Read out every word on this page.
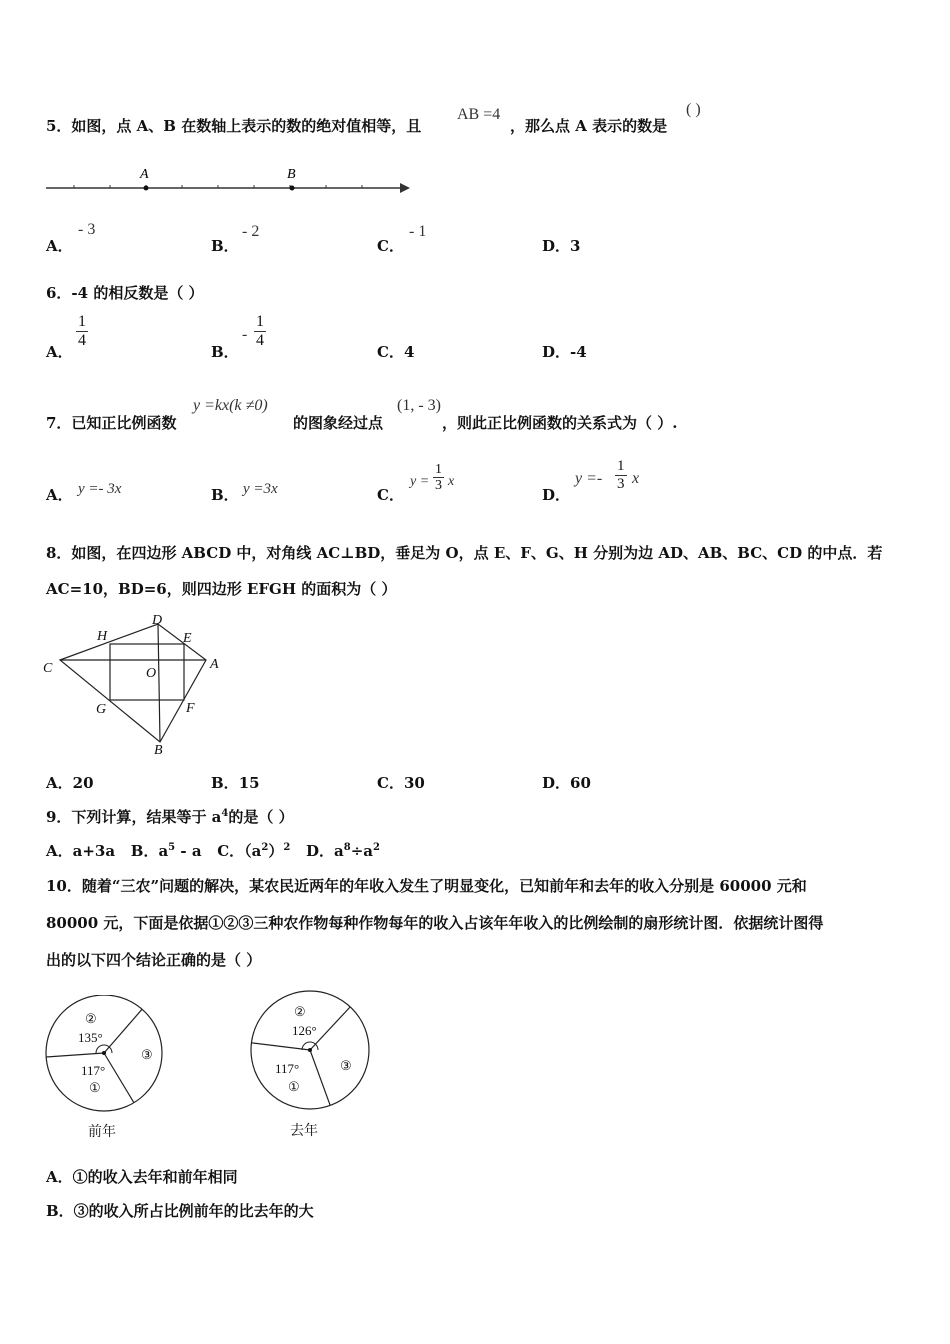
5．如图，点 A、B 在数轴上表示的数的绝对值相等，且
AB =4
，那么点 A 表示的数是
( )
A	B
A．
- 3
B．
- 2
C．
- 1
D．3
6．-4 的相反数是（ ）
A．
$\frac{1}{4}$
B．
- $\frac{1}{4}$
C．4	D．-4
7．已知正比例函数
y =kx(k ≠0)
的图象经过点
(1, - 3)
，则此正比例函数的关系式为（ ）.
A． y =- 3x	B． y =3x	C．
$y = \frac{1}{3}$ x
D．
$y =- \frac{1}{3}$ x
8．如图，在四边形 ABCD 中，对角线 AC⊥BD，垂足为 O，点 E、F、G、H 分别为边 AD、AB、BC、CD 的中点．若
AC=10，BD=6，则四边形 EFGH 的面积为（ ）
C
H
D
E
A
O
G	F
B
A．20	B．15	C．30	D．60
9．下列计算，结果等于 $a^4$的是（ ）
A．a+3a B．$a^5$ - a C．$(a^2)^2$ D．$a^8\div a^2$
10．随着“三农”问题的解决，某农民近两年的年收入发生了明显变化，已知前年和去年的收入分别是 60000 元和
80000 元，下面是依据①②③三种农作物每种作物每年的收入占该年年收入的比例绘制的扇形统计图．依据统计图得
出的以下四个结论正确的是（ ）
②
135°
③
117°
①
前年
②
126°
③
117°
①
去年
A．①的收入去年和前年相同
B．③的收入所占比例前年的比去年的大
